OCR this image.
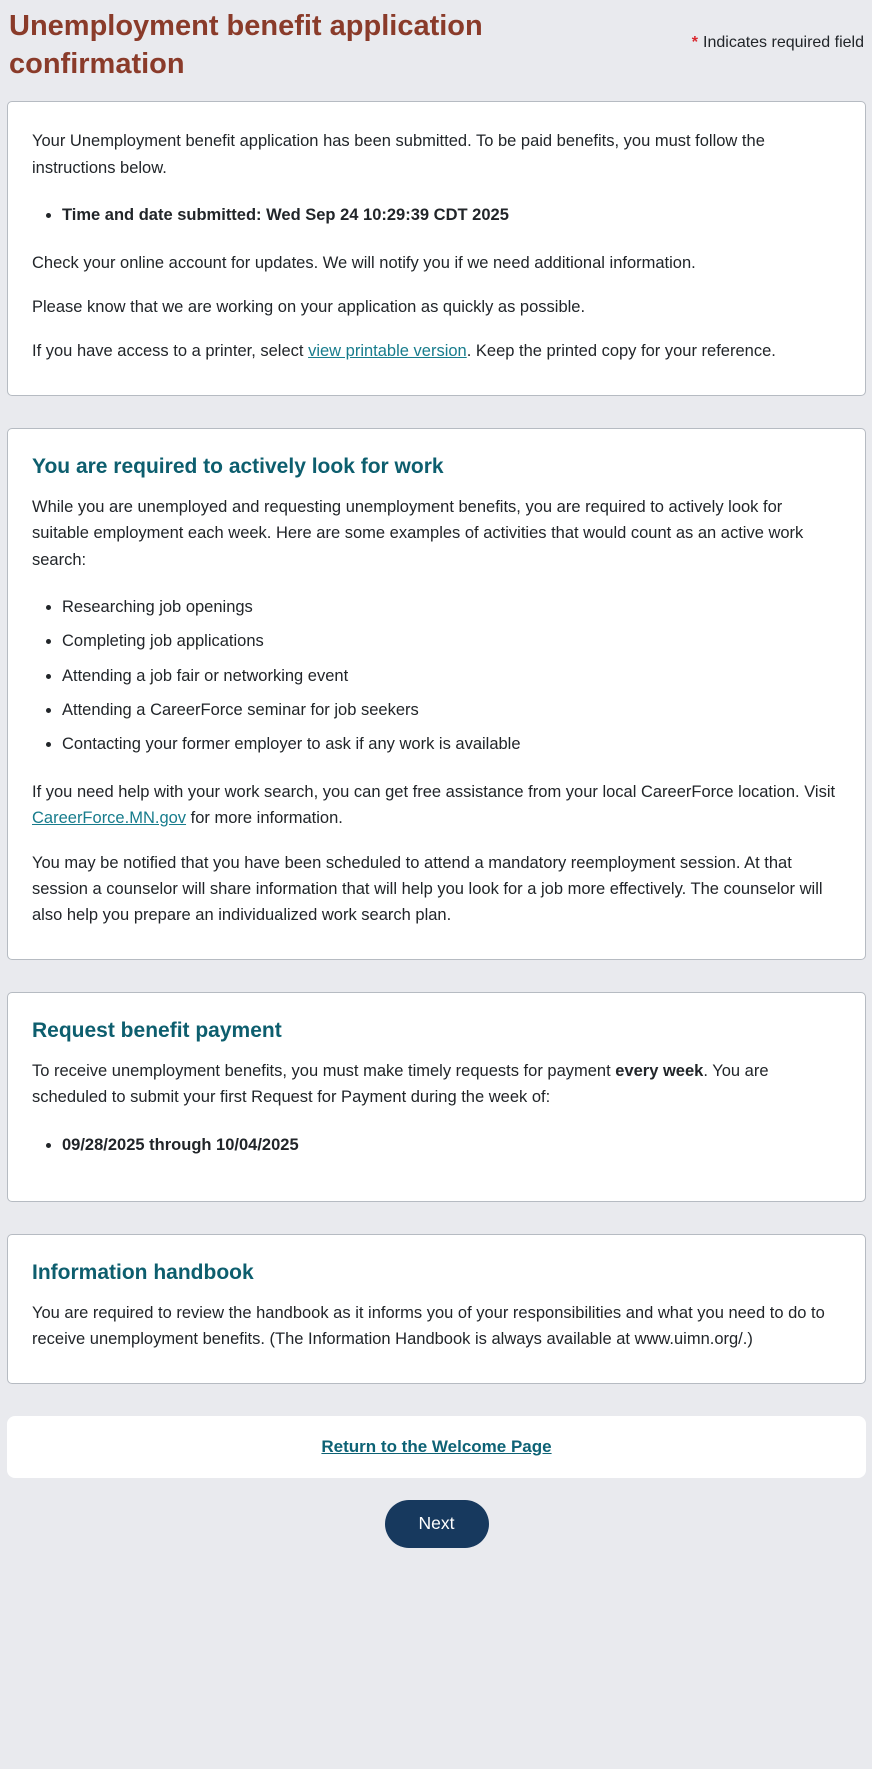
Unemployment benefit application confirmation
* Indicates required field

Your Unemployment benefit application has been submitted. To be paid benefits, you must follow the instructions below.

• Time and date submitted: Wed Sep 24 10:29:39 CDT 2025

Check your online account for updates. We will notify you if we need additional information.

Please know that we are working on your application as quickly as possible.

If you have access to a printer, select view printable version. Keep the printed copy for your reference.

You are required to actively look for work

While you are unemployed and requesting unemployment benefits, you are required to actively look for suitable employment each week. Here are some examples of activities that would count as an active work search:

• Researching job openings
• Completing job applications
• Attending a job fair or networking event
• Attending a CareerForce seminar for job seekers
• Contacting your former employer to ask if any work is available

If you need help with your work search, you can get free assistance from your local CareerForce location. Visit CareerForce.MN.gov for more information.

You may be notified that you have been scheduled to attend a mandatory reemployment session. At that session a counselor will share information that will help you look for a job more effectively. The counselor will also help you prepare an individualized work search plan.

Request benefit payment

To receive unemployment benefits, you must make timely requests for payment every week. You are scheduled to submit your first Request for Payment during the week of:

• 09/28/2025 through 10/04/2025
Information handbook

You are required to review the handbook as it informs you of your responsibilities and what you need to do to receive unemployment benefits. (The Information Handbook is always available at www.uimn.org/.)

Return to the Welcome Page
Next
